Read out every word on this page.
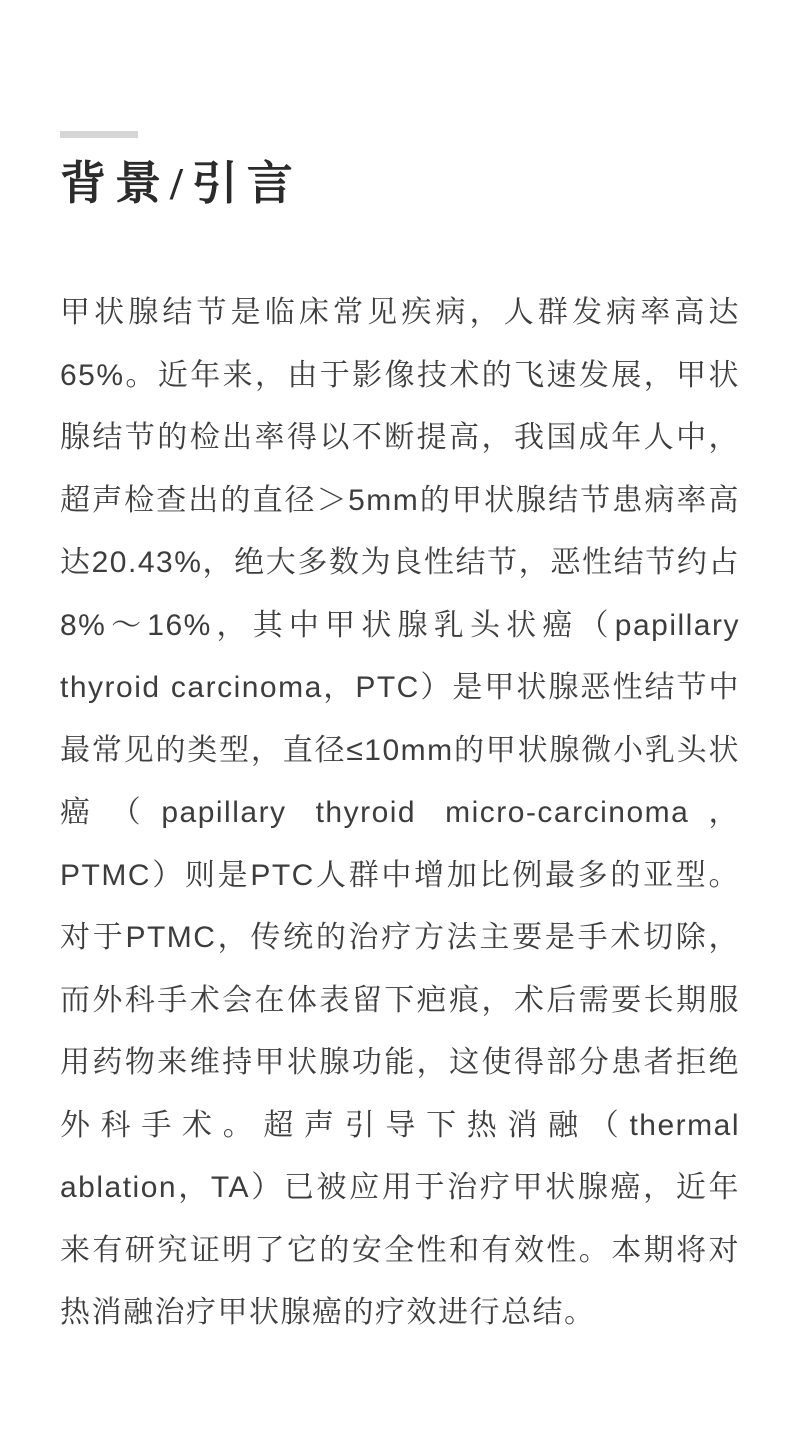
背景/引言

甲状腺结节是临床常见疾病，人群发病率高达65%。近年来，由于影像技术的飞速发展，甲状腺结节的检出率得以不断提高，我国成年人中，超声检查出的直径＞5mm的甲状腺结节患病率高达20.43%，绝大多数为良性结节，恶性结节约占8%～16%，其中甲状腺乳头状癌（papillary thyroid carcinoma，PTC）是甲状腺恶性结节中最常见的类型，直径≤10mm的甲状腺微小乳头状癌（papillary thyroid micro-carcinoma，PTMC）则是PTC人群中增加比例最多的亚型。对于PTMC，传统的治疗方法主要是手术切除，而外科手术会在体表留下疤痕，术后需要长期服用药物来维持甲状腺功能，这使得部分患者拒绝外科手术。超声引导下热消融（thermal ablation，TA）已被应用于治疗甲状腺癌，近年来有研究证明了它的安全性和有效性。本期将对热消融治疗甲状腺癌的疗效进行总结。
